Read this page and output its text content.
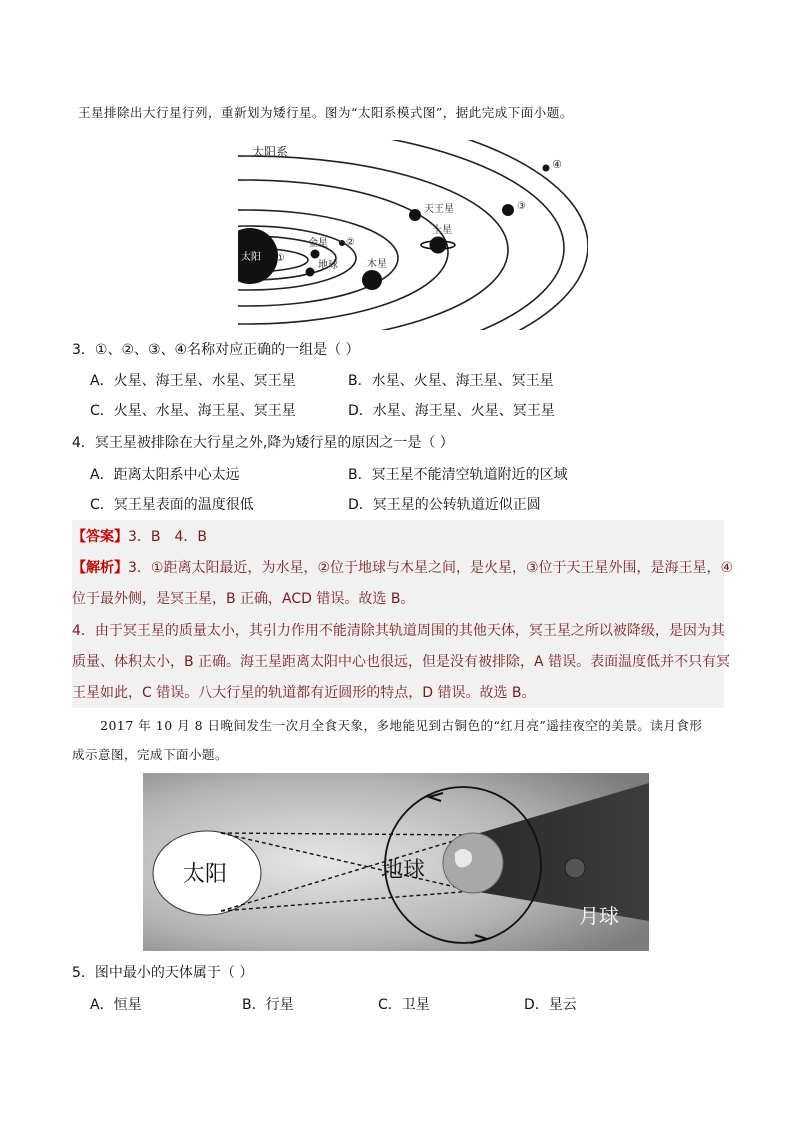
王星排除出大行星行列，重新划为矮行星。图为“太阳系模式图”，据此完成下面小题。
太阳系
太阳 ①
金星
地球
②
木星
土星
天王星	③
④
3．①、②、③、④名称对应正确的一组是（ ）
A．火星、海王星、水星、冥王星	B．水星、火星、海王星、冥王星
C．火星、水星、海王星、冥王星	D．水星、海王星、火星、冥王星
4．冥王星被排除在大行星之外,降为矮行星的原因之一是（ ）
A．距离太阳系中心太远	B．冥王星不能清空轨道附近的区域
C．冥王星表面的温度很低	D．冥王星的公转轨道近似正圆
【答案】3．B　4．B
【解析】3．①距离太阳最近，为水星，②位于地球与木星之间，是火星，③位于天王星外围，是海王星，④
位于最外侧，是冥王星，B 正确，ACD 错误。故选 B。
4．由于冥王星的质量太小，其引力作用不能清除其轨道周围的其他天体，冥王星之所以被降级，是因为其
质量、体积太小，B 正确。海王星距离太阳中心也很远，但是没有被排除，A 错误。表面温度低并不只有冥
王星如此，C 错误。八大行星的轨道都有近圆形的特点，D 错误。故选 B。
2017 年 10 月 8 日晚间发生一次月全食天象，多地能见到古铜色的“红月亮”遥挂夜空的美景。读月食形
成示意图，完成下面小题。
太阳	地球
月球
5．图中最小的天体属于（ ）
A．恒星	B．行星	C．卫星	D．星云
